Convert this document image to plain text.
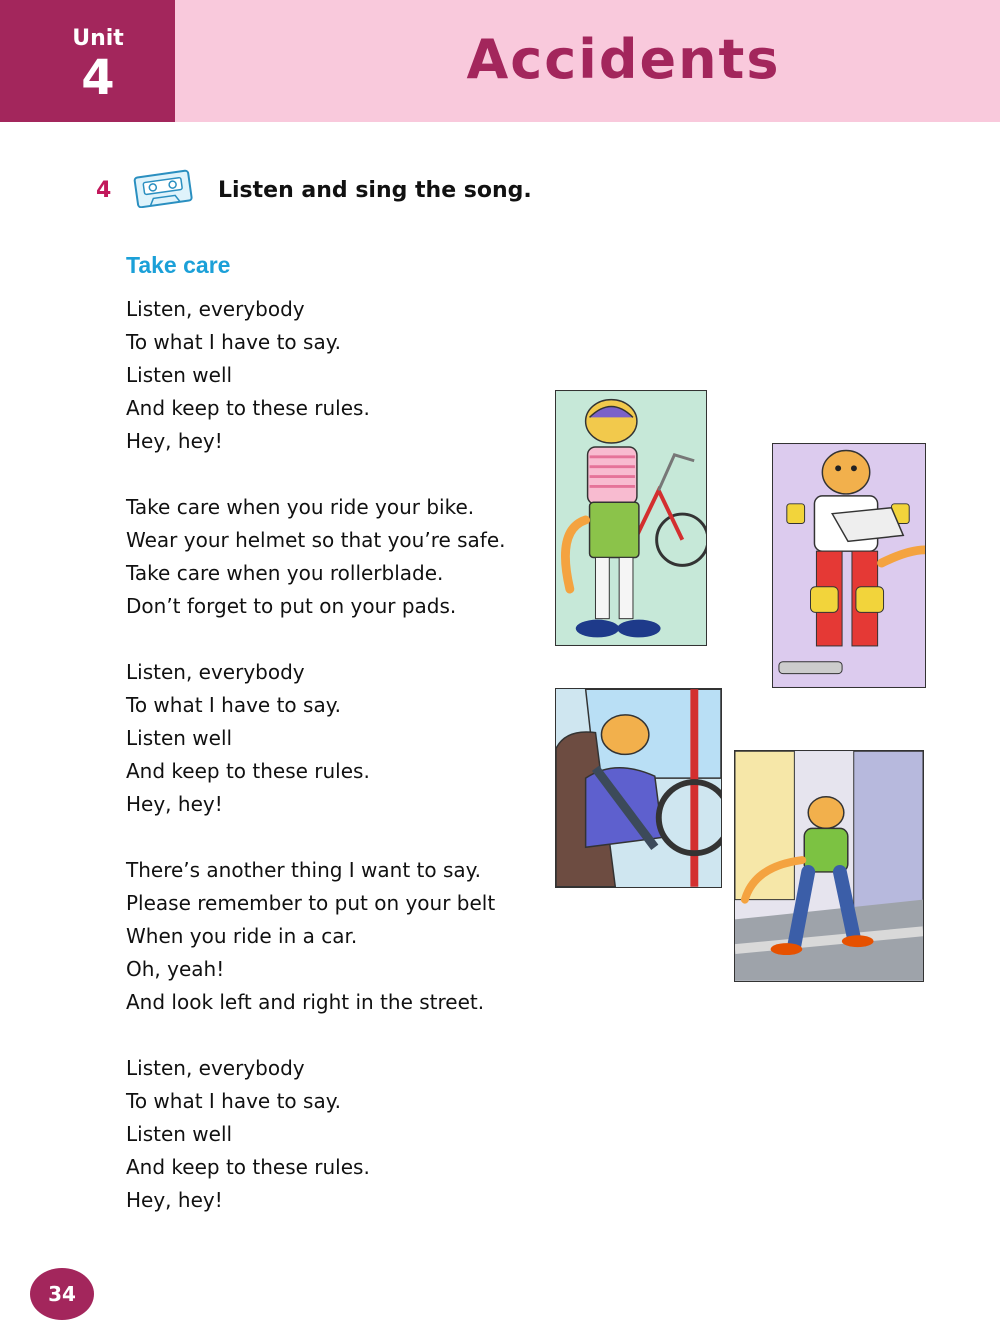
Unit
4	Accidents
4	Listen and sing the song.
Take care
Listen, everybody
To what I have to say.
Listen well
And keep to these rules.
Hey, hey!
Take care when you ride your bike.
Wear your helmet so that you’re safe.
Take care when you rollerblade.
Don’t forget to put on your pads.
Listen, everybody
To what I have to say.
Listen well
And keep to these rules.
Hey, hey!
There’s another thing I want to say.
Please remember to put on your belt
When you ride in a car.
Oh, yeah!
And look left and right in the street.
Listen, everybody
To what I have to say.
Listen well
And keep to these rules.
Hey, hey!
34
